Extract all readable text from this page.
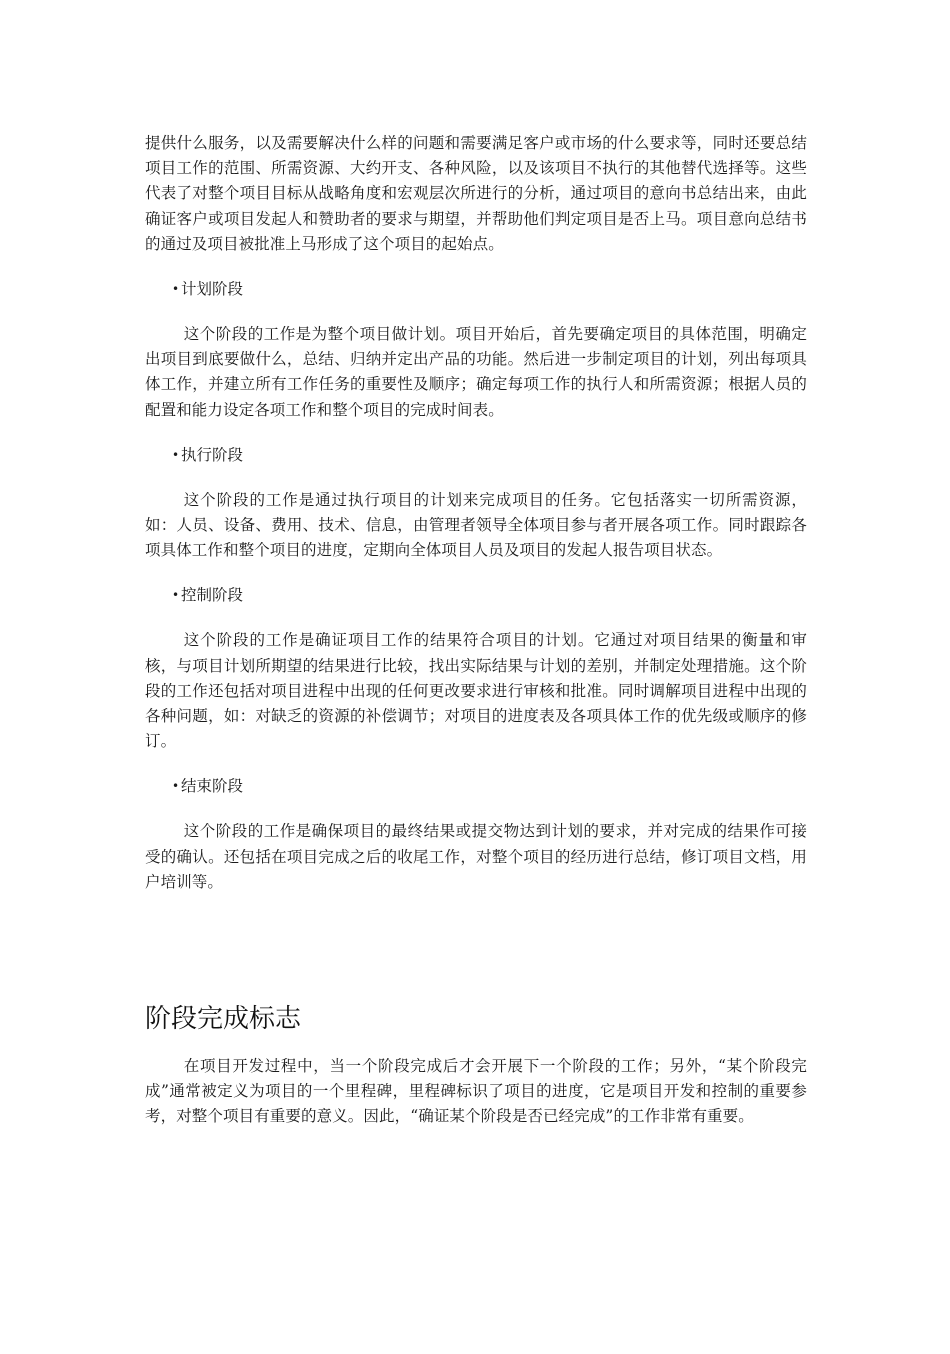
提供什么服务，以及需要解决什么样的问题和需要满足客户或市场的什么要求等，同时还要总结项目工作的范围、所需资源、大约开支、各种风险，以及该项目不执行的其他替代选择等。这些代表了对整个项目目标从战略角度和宏观层次所进行的分析，通过项目的意向书总结出来，由此确证客户或项目发起人和赞助者的要求与期望，并帮助他们判定项目是否上马。项目意向总结书的通过及项目被批准上马形成了这个项目的起始点。

• 计划阶段

这个阶段的工作是为整个项目做计划。项目开始后，首先要确定项目的具体范围，明确定出项目到底要做什么，总结、归纳并定出产品的功能。然后进一步制定项目的计划，列出每项具体工作，并建立所有工作任务的重要性及顺序；确定每项工作的执行人和所需资源；根据人员的配置和能力设定各项工作和整个项目的完成时间表。

• 执行阶段

这个阶段的工作是通过执行项目的计划来完成项目的任务。它包括落实一切所需资源，如：人员、设备、费用、技术、信息，由管理者领导全体项目参与者开展各项工作。同时跟踪各项具体工作和整个项目的进度，定期向全体项目人员及项目的发起人报告项目状态。

• 控制阶段

这个阶段的工作是确证项目工作的结果符合项目的计划。它通过对项目结果的衡量和审核，与项目计划所期望的结果进行比较，找出实际结果与计划的差别，并制定处理措施。这个阶段的工作还包括对项目进程中出现的任何更改要求进行审核和批准。同时调解项目进程中出现的各种问题，如：对缺乏的资源的补偿调节；对项目的进度表及各项具体工作的优先级或顺序的修订。

• 结束阶段

这个阶段的工作是确保项目的最终结果或提交物达到计划的要求，并对完成的结果作可接受的确认。还包括在项目完成之后的收尾工作，对整个项目的经历进行总结，修订项目文档，用户培训等。

阶段完成标志

在项目开发过程中，当一个阶段完成后才会开展下一个阶段的工作；另外，“某个阶段完成”通常被定义为项目的一个里程碑，里程碑标识了项目的进度，它是项目开发和控制的重要参考，对整个项目有重要的意义。因此，“确证某个阶段是否已经完成”的工作非常有重要。
